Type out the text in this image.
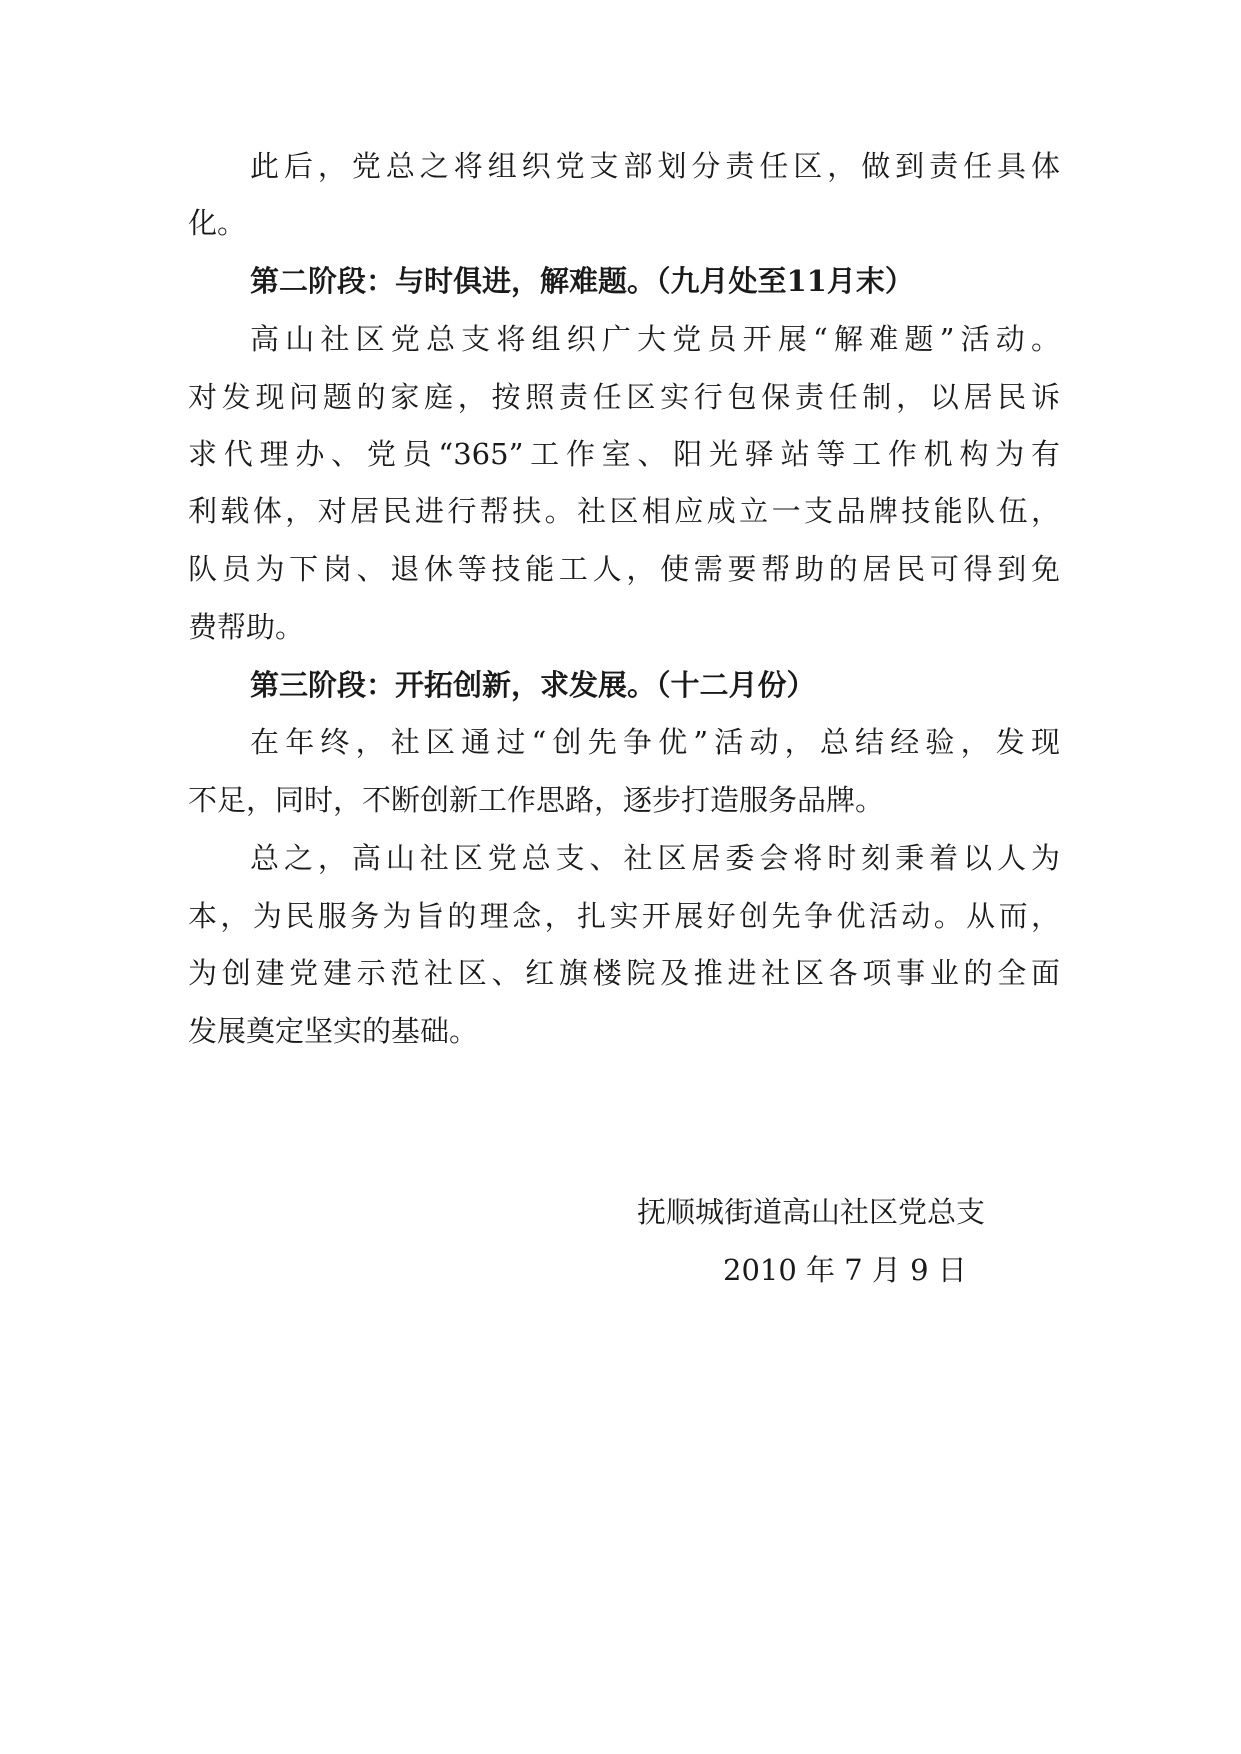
此后，党总之将组织党支部划分责任区，做到责任具体
化。
第二阶段：与时俱进，解难题。（九月处至11月末）
高山社区党总支将组织广大党员开展“解难题”活动。
对发现问题的家庭，按照责任区实行包保责任制，以居民诉
求代理办、党员“365”工作室、阳光驿站等工作机构为有
利载体，对居民进行帮扶。社区相应成立一支品牌技能队伍，
队员为下岗、退休等技能工人，使需要帮助的居民可得到免
费帮助。
第三阶段：开拓创新，求发展。（十二月份）
在年终，社区通过“创先争优”活动，总结经验，发现
不足，同时，不断创新工作思路，逐步打造服务品牌。
总之，高山社区党总支、社区居委会将时刻秉着以人为
本，为民服务为旨的理念，扎实开展好创先争优活动。从而，
为创建党建示范社区、红旗楼院及推进社区各项事业的全面
发展奠定坚实的基础。
抚顺城街道高山社区党总支
2010 年 7 月 9 日
